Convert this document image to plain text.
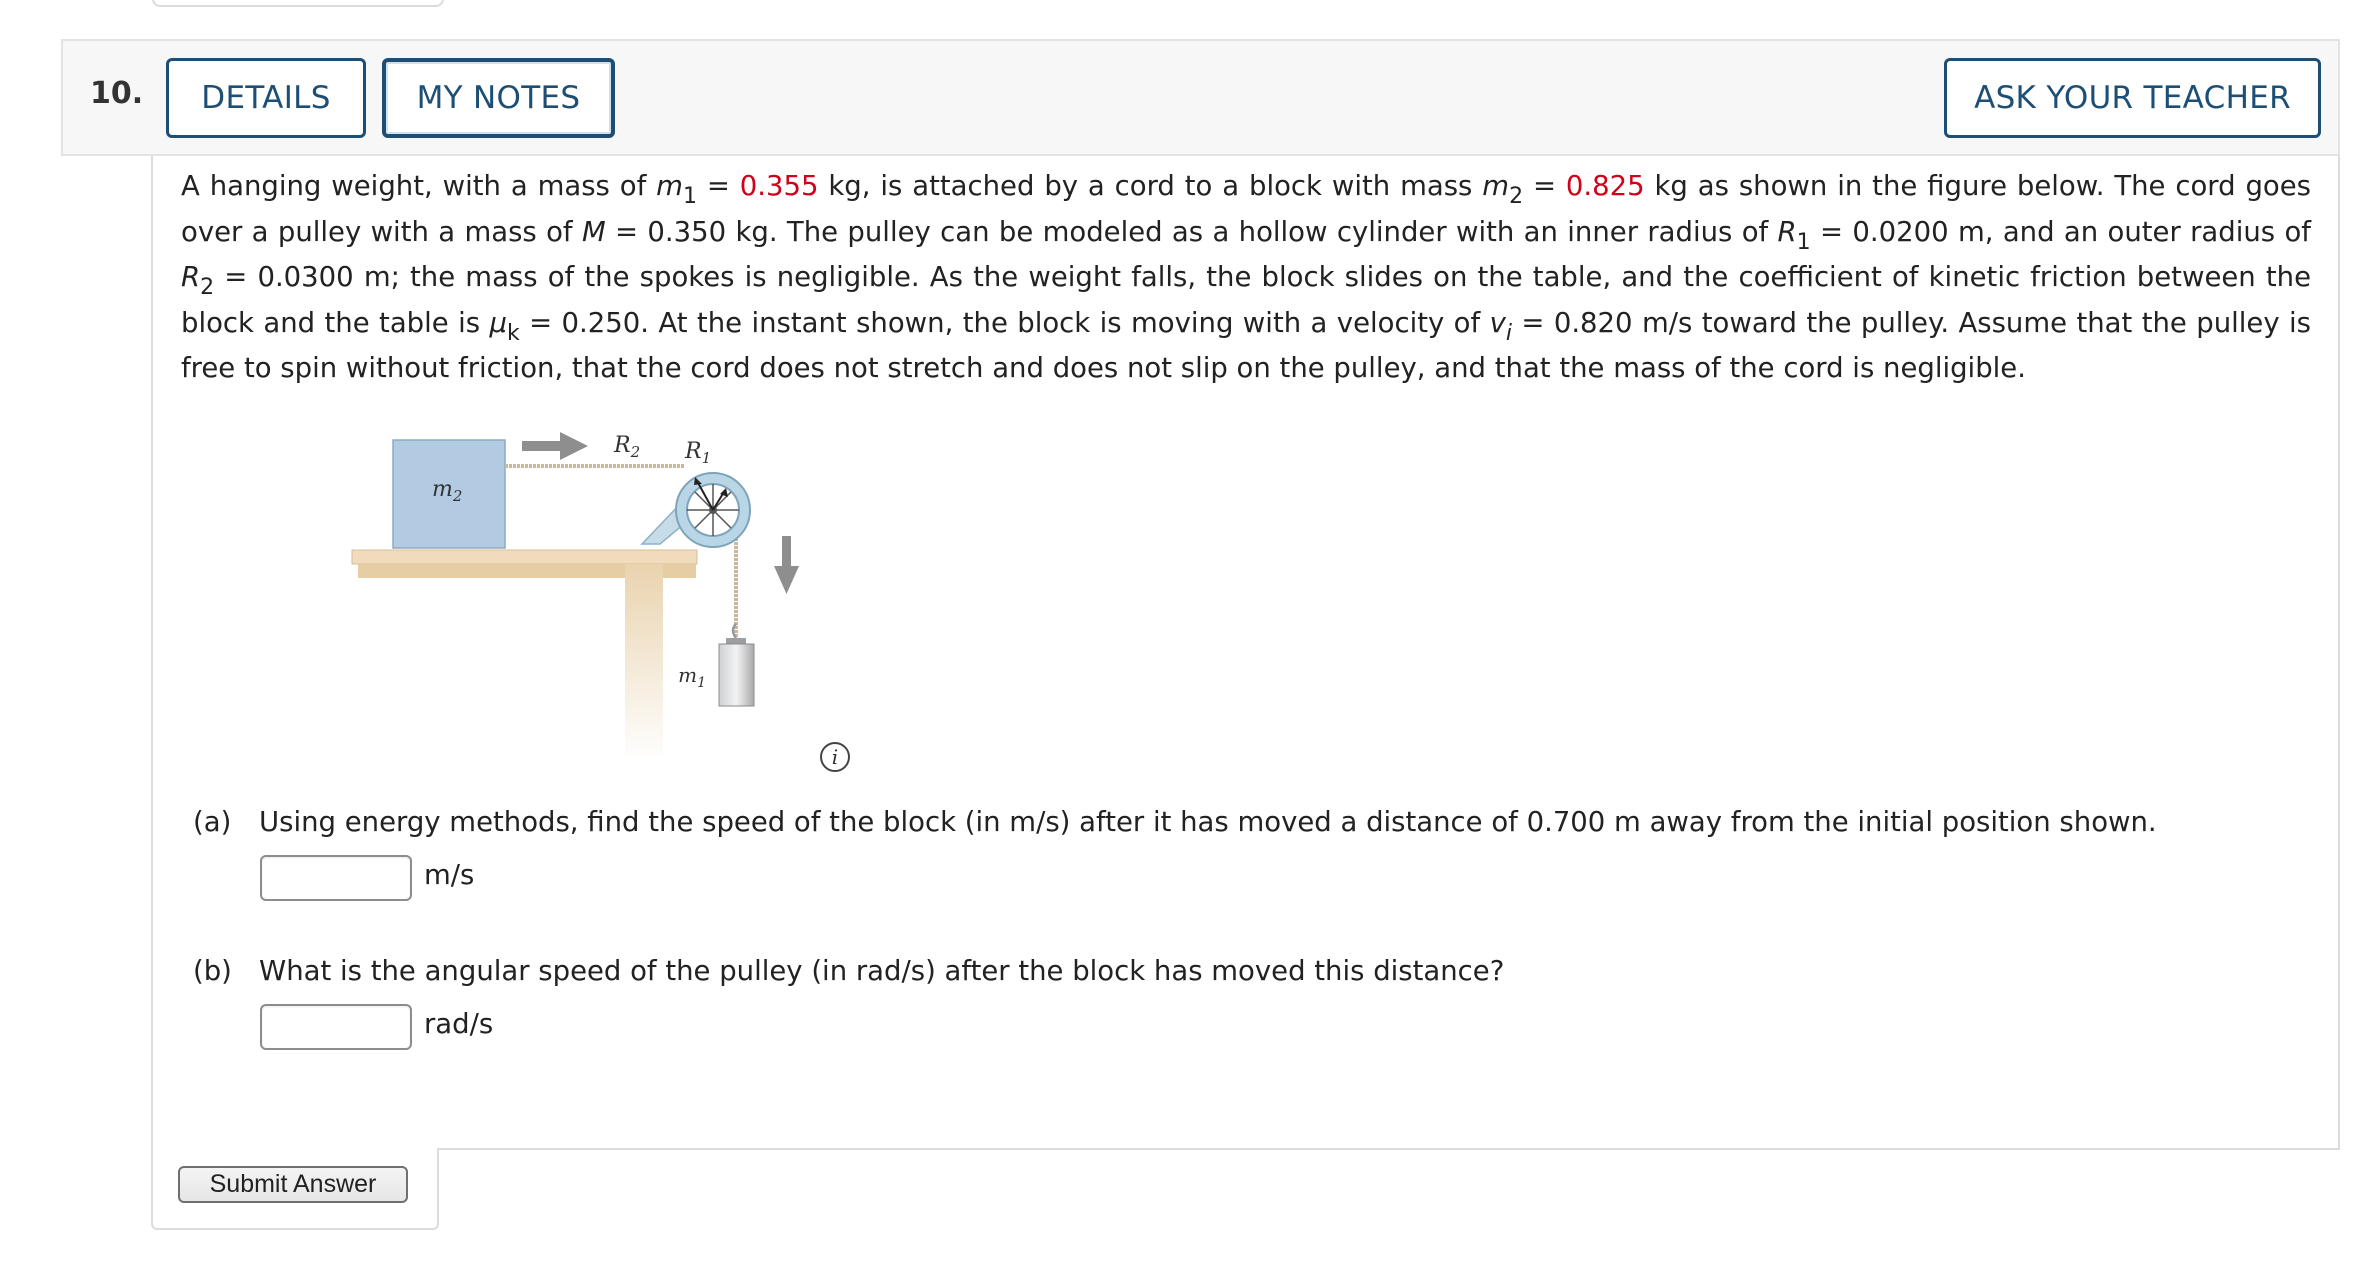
10.	DETAILS	MY NOTES	ASK YOUR TEACHER
A hanging weight, with a mass of $m_1 = 0.355$ kg, is attached by a cord to a block with mass $m_2 = 0.825$ kg as shown in the figure below. The cord goes over a pulley with a mass of M = 0.350 kg. The pulley can be modeled as a hollow cylinder with an inner radius of $R_1 = 0.0200$ m, and an outer radius of $R_2 = 0.0300$ m; the mass of the spokes is negligible. As the weight falls, the block slides on the table, and the coefficient of kinetic friction between the block and the table is $\mu_k = 0.250$. At the instant shown, the block is moving with a velocity of $v_i = 0.820$ m/s toward the pulley. Assume that the pulley is free to spin without friction, that the cord does not stretch and does not slip on the pulley, and that the mass of the cord is negligible.
$m_2$
$R_2$ $R_1$
$m_1$
i
(a) Using energy methods, find the speed of the block (in m/s) after it has moved a distance of 0.700 m away from the initial position shown.
m/s
(b) What is the angular speed of the pulley (in rad/s) after the block has moved this distance?
rad/s
Submit Answer
